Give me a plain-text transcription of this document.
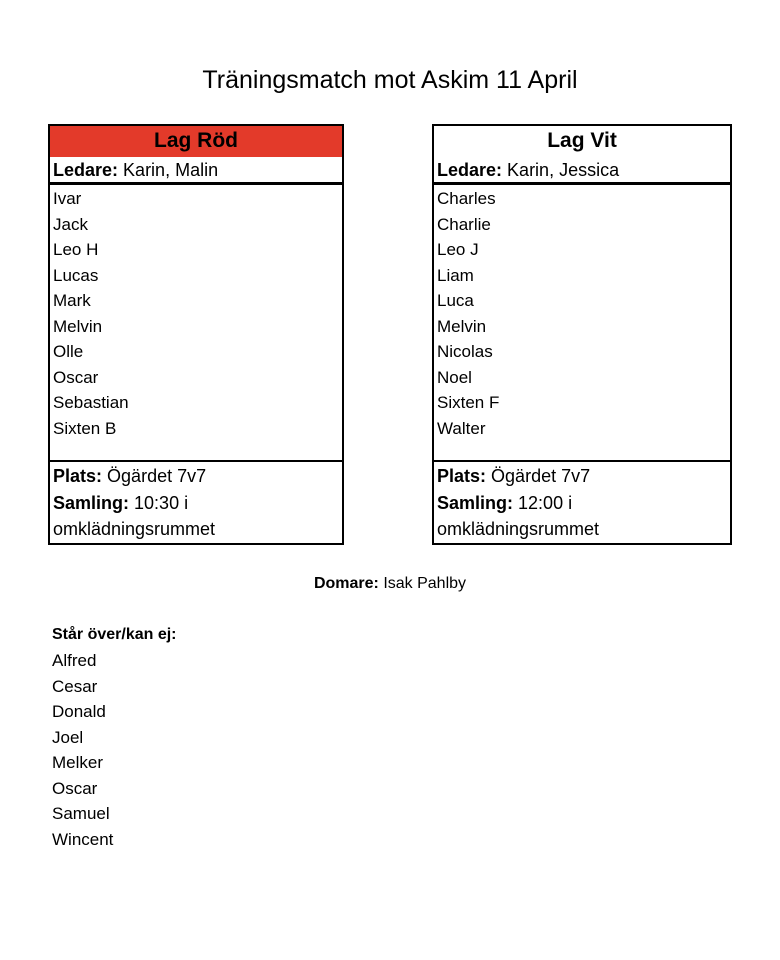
Träningsmatch mot Askim 11 April
Lag Röd
Ledare: Karin, Malin
Ivar
Jack
Leo H
Lucas
Mark
Melvin
Olle
Oscar
Sebastian
Sixten B
Plats: Ögärdet 7v7
Samling: 10:30 i
omklädningsrummet
Lag Vit
Ledare: Karin, Jessica
Charles
Charlie
Leo J
Liam
Luca
Melvin
Nicolas
Noel
Sixten F
Walter
Plats: Ögärdet 7v7
Samling: 12:00 i
omklädningsrummet
Domare: Isak Pahlby
Står över/kan ej:
Alfred
Cesar
Donald
Joel
Melker
Oscar
Samuel
Wincent
